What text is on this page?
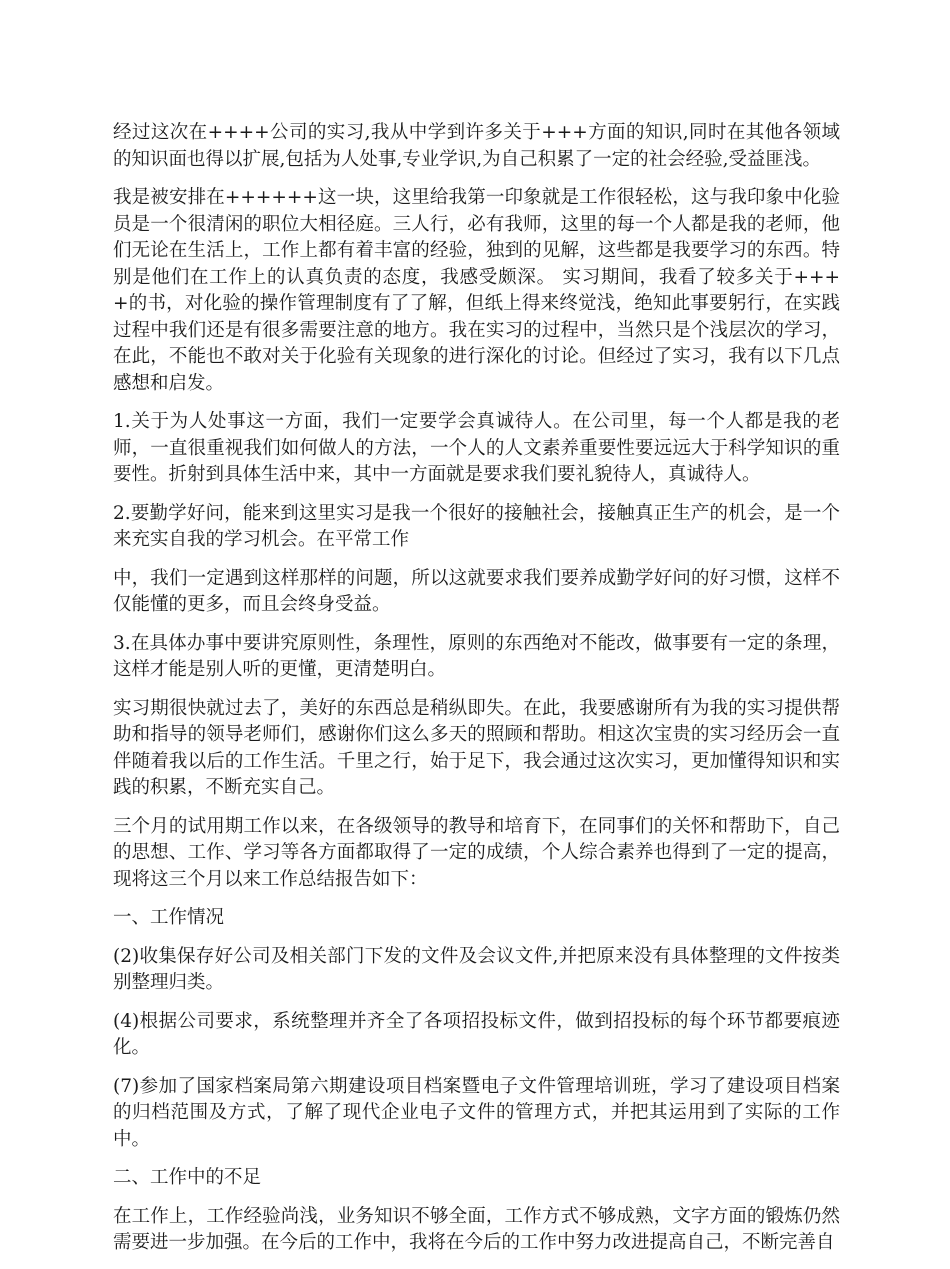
经过这次在++++公司的实习,我从中学到许多关于+++方面的知识,同时在其他各领域的知识面也得以扩展,包括为人处事,专业学识,为自己积累了一定的社会经验,受益匪浅。

我是被安排在++++++这一块，这里给我第一印象就是工作很轻松，这与我印象中化验员是一个很清闲的职位大相径庭。三人行，必有我师，这里的每一个人都是我的老师，他们无论在生活上，工作上都有着丰富的经验，独到的见解，这些都是我要学习的东西。特别是他们在工作上的认真负责的态度，我感受颇深。 实习期间，我看了较多关于++++的书，对化验的操作管理制度有了了解，但纸上得来终觉浅，绝知此事要躬行，在实践过程中我们还是有很多需要注意的地方。我在实习的过程中，当然只是个浅层次的学习，在此，不能也不敢对关于化验有关现象的进行深化的讨论。但经过了实习，我有以下几点感想和启发。

1.关于为人处事这一方面，我们一定要学会真诚待人。在公司里，每一个人都是我的老师，一直很重视我们如何做人的方法，一个人的人文素养重要性要远远大于科学知识的重要性。折射到具体生活中来，其中一方面就是要求我们要礼貌待人，真诚待人。

2.要勤学好问，能来到这里实习是我一个很好的接触社会，接触真正生产的机会，是一个来充实自我的学习机会。在平常工作

中，我们一定遇到这样那样的问题，所以这就要求我们要养成勤学好问的好习惯，这样不仅能懂的更多，而且会终身受益。

3.在具体办事中要讲究原则性，条理性，原则的东西绝对不能改，做事要有一定的条理，这样才能是别人听的更懂，更清楚明白。

实习期很快就过去了，美好的东西总是稍纵即失。在此，我要感谢所有为我的实习提供帮助和指导的领导老师们，感谢你们这么多天的照顾和帮助。相这次宝贵的实习经历会一直伴随着我以后的工作生活。千里之行，始于足下，我会通过这次实习，更加懂得知识和实践的积累，不断充实自己。

三个月的试用期工作以来，在各级领导的教导和培育下，在同事们的关怀和帮助下，自己的思想、工作、学习等各方面都取得了一定的成绩，个人综合素养也得到了一定的提高，现将这三个月以来工作总结报告如下：

一、工作情况

(2)收集保存好公司及相关部门下发的文件及会议文件,并把原来没有具体整理的文件按类别整理归类。

(4)根据公司要求，系统整理并齐全了各项招投标文件，做到招投标的每个环节都要痕迹化。

(7)参加了国家档案局第六期建设项目档案暨电子文件管理培训班，学习了建设项目档案的归档范围及方式，了解了现代企业电子文件的管理方式，并把其运用到了实际的工作中。

二、工作中的不足

在工作上，工作经验尚浅，业务知识不够全面，工作方式不够成熟，文字方面的锻炼仍然需要进一步加强。在今后的工作中，我将在今后的工作中努力改进提高自己，不断完善自
